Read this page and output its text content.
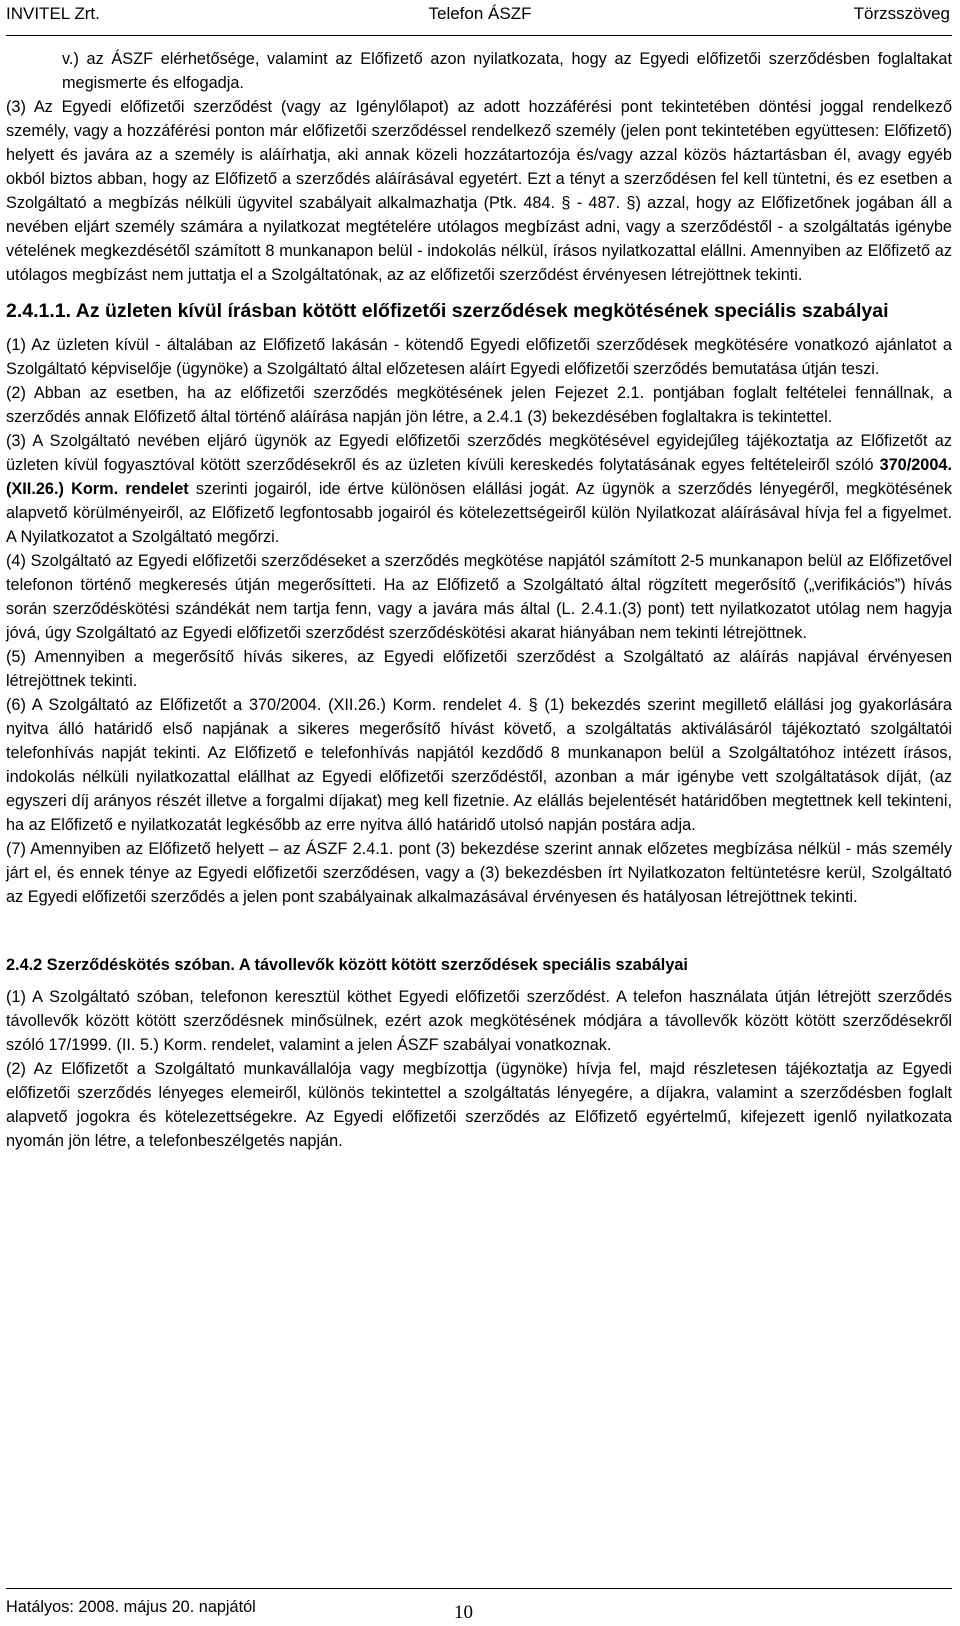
INVITEL Zrt.	Telefon ÁSZF	Törzsszöveg

v.) az ÁSZF elérhetősége, valamint az Előfizető azon nyilatkozata, hogy az Egyedi előfizetői szerződésben foglaltakat megismerte és elfogadja.

(3) Az Egyedi előfizetői szerződést (vagy az Igénylőlapot) az adott hozzáférési pont tekintetében döntési joggal rendelkező személy, vagy a hozzáférési ponton már előfizetői szerződéssel rendelkező személy (jelen pont tekintetében együttesen: Előfizető) helyett és javára az a személy is aláírhatja, aki annak közeli hozzátartozója és/vagy azzal közös háztartásban él, avagy egyéb okból biztos abban, hogy az Előfizető a szerződés aláírásával egyetért. Ezt a tényt a szerződésen fel kell tüntetni, és ez esetben a Szolgáltató a megbízás nélküli ügyvitel szabályait alkalmazhatja (Ptk. 484. § - 487. §) azzal, hogy az Előfizetőnek jogában áll a nevében eljárt személy számára a nyilatkozat megtételére utólagos megbízást adni, vagy a szerződéstől - a szolgáltatás igénybe vételének megkezdésétől számított 8 munkanapon belül - indokolás nélkül, írásos nyilatkozattal elállni. Amennyiben az Előfizető az utólagos megbízást nem juttatja el a Szolgáltatónak, az az előfizetői szerződést érvényesen létrejöttnek tekinti.

2.4.1.1. Az üzleten kívül írásban kötött előfizetői szerződések megkötésének speciális szabályai

(1) Az üzleten kívül - általában az Előfizető lakásán - kötendő Egyedi előfizetői szerződések megkötésére vonatkozó ajánlatot a Szolgáltató képviselője (ügynöke) a Szolgáltató által előzetesen aláírt Egyedi előfizetői szerződés bemutatása útján teszi.

(2) Abban az esetben, ha az előfizetői szerződés megkötésének jelen Fejezet 2.1. pontjában foglalt feltételei fennállnak, a szerződés annak Előfizető által történő aláírása napján jön létre, a 2.4.1 (3) bekezdésében foglaltakra is tekintettel.

(3) A Szolgáltató nevében eljáró ügynök az Egyedi előfizetői szerződés megkötésével egyidejűleg tájékoztatja az Előfizetőt az üzleten kívül fogyasztóval kötött szerződésekről és az üzleten kívüli kereskedés folytatásának egyes feltételeiről szóló 370/2004. (XII.26.) Korm. rendelet szerinti jogairól, ide értve különösen elállási jogát. Az ügynök a szerződés lényegéről, megkötésének alapvető körülményeiről, az Előfizető legfontosabb jogairól és kötelezettségeiről külön Nyilatkozat aláírásával hívja fel a figyelmet. A Nyilatkozatot a Szolgáltató megőrzi.

(4) Szolgáltató az Egyedi előfizetői szerződéseket a szerződés megkötése napjától számított 2-5 munkanapon belül az Előfizetővel telefonon történő megkeresés útján megerősítteti. Ha az Előfizető a Szolgáltató által rögzített megerősítő („verifikációs”) hívás során szerződéskötési szándékát nem tartja fenn, vagy a javára más által (L. 2.4.1.(3) pont) tett nyilatkozatot utólag nem hagyja jóvá, úgy Szolgáltató az Egyedi előfizetői szerződést szerződéskötési akarat hiányában nem tekinti létrejöttnek.

(5) Amennyiben a megerősítő hívás sikeres, az Egyedi előfizetői szerződést a Szolgáltató az aláírás napjával érvényesen létrejöttnek tekinti.

(6) A Szolgáltató az Előfizetőt a 370/2004. (XII.26.) Korm. rendelet 4. § (1) bekezdés szerint megillető elállási jog gyakorlására nyitva álló határidő első napjának a sikeres megerősítő hívást követő, a szolgáltatás aktiválásáról tájékoztató szolgáltatói telefonhívás napját tekinti. Az Előfizető e telefonhívás napjától kezdődő 8 munkanapon belül a Szolgáltatóhoz intézett írásos, indokolás nélküli nyilatkozattal elállhat az Egyedi előfizetői szerződéstől, azonban a már igénybe vett szolgáltatások díját, (az egyszeri díj arányos részét illetve a forgalmi díjakat) meg kell fizetnie. Az elállás bejelentését határidőben megtettnek kell tekinteni, ha az Előfizető e nyilatkozatát legkésőbb az erre nyitva álló határidő utolsó napján postára adja.

(7) Amennyiben az Előfizető helyett – az ÁSZF 2.4.1. pont (3) bekezdése szerint annak előzetes megbízása nélkül - más személy járt el, és ennek ténye az Egyedi előfizetői szerződésen, vagy a (3) bekezdésben írt Nyilatkozaton feltüntetésre kerül, Szolgáltató az Egyedi előfizetői szerződés a jelen pont szabályainak alkalmazásával érvényesen és hatályosan létrejöttnek tekinti.

2.4.2 Szerződéskötés szóban. A távollevők között kötött szerződések speciális szabályai

(1) A Szolgáltató szóban, telefonon keresztül köthet Egyedi előfizetői szerződést. A telefon használata útján létrejött szerződés távollevők között kötött szerződésnek minősülnek, ezért azok megkötésének módjára a távollevők között kötött szerződésekről szóló 17/1999. (II. 5.) Korm. rendelet, valamint a jelen ÁSZF szabályai vonatkoznak.

(2) Az Előfizetőt a Szolgáltató munkavállalója vagy megbízottja (ügynöke) hívja fel, majd részletesen tájékoztatja az Egyedi előfizetői szerződés lényeges elemeiről, különös tekintettel a szolgáltatás lényegére, a díjakra, valamint a szerződésben foglalt alapvető jogokra és kötelezettségekre. Az Egyedi előfizetői szerződés az Előfizető egyértelmű, kifejezett igenlő nyilatkozata nyomán jön létre, a telefonbeszélgetés napján.

Hatályos: 2008. május 20. napjától	10
